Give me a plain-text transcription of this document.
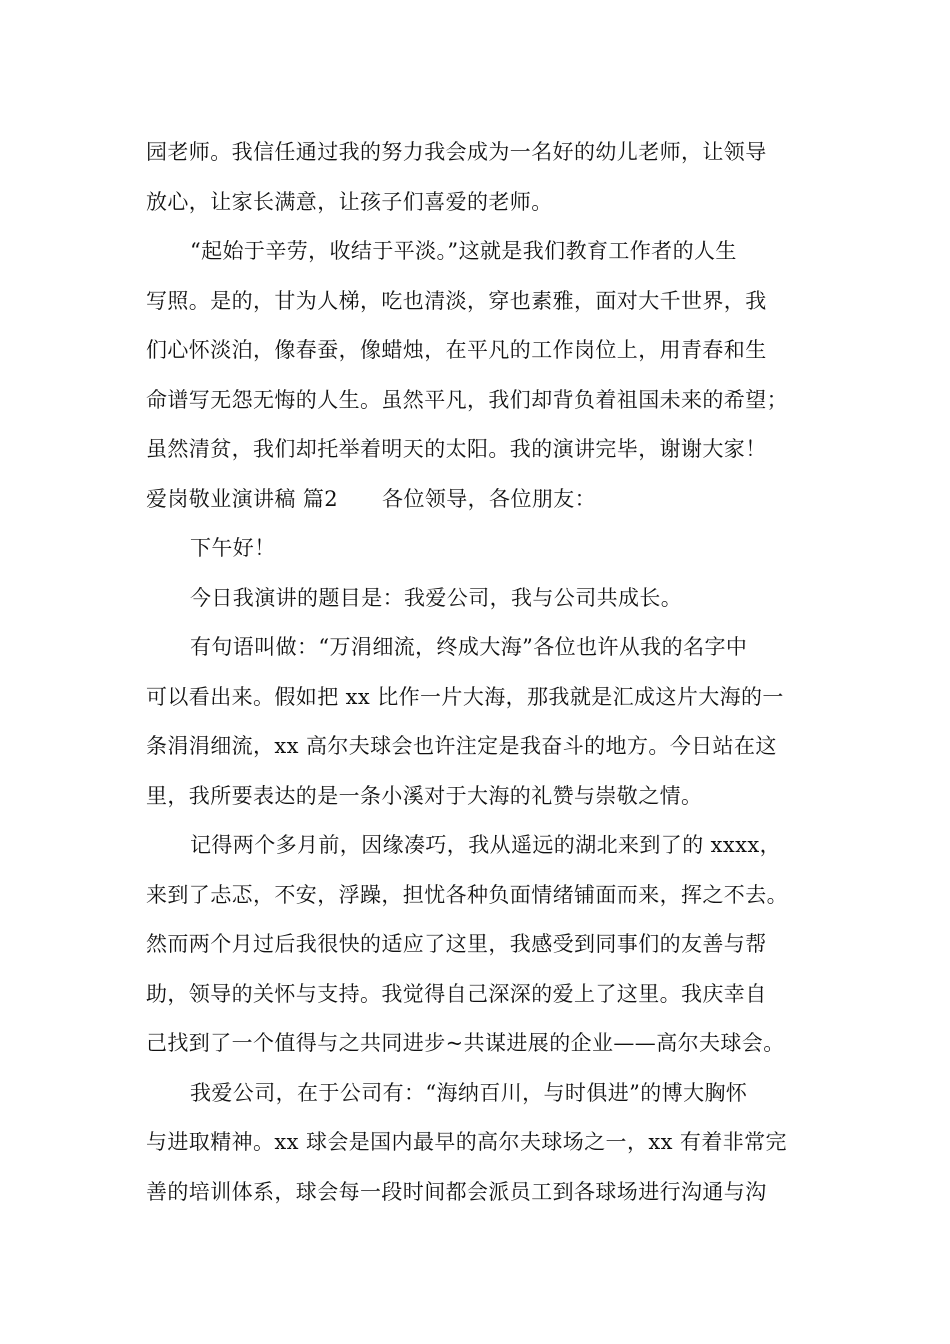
园老师。我信任通过我的努力我会成为一名好的幼儿老师，让领导
放心，让家长满意，让孩子们喜爱的老师。
“起始于辛劳，收结于平淡。”这就是我们教育工作者的人生
写照。是的，甘为人梯，吃也清淡，穿也素雅，面对大千世界，我
们心怀淡泊，像春蚕，像蜡烛，在平凡的工作岗位上，用青春和生
命谱写无怨无悔的人生。虽然平凡，我们却背负着祖国未来的希望；
虽然清贫，我们却托举着明天的太阳。我的演讲完毕，谢谢大家！
爱岗敬业演讲稿 篇2 各位领导，各位朋友：
下午好！
今日我演讲的题目是：我爱公司，我与公司共成长。
有句语叫做：“万涓细流，终成大海”各位也许从我的名字中
可以看出来。假如把 xx 比作一片大海，那我就是汇成这片大海的一
条涓涓细流，xx 高尔夫球会也许注定是我奋斗的地方。今日站在这
里，我所要表达的是一条小溪对于大海的礼赞与崇敬之情。
记得两个多月前，因缘凑巧，我从遥远的湖北来到了的 xxxx，
来到了忐忑，不安，浮躁，担忧各种负面情绪铺面而来，挥之不去。
然而两个月过后我很快的适应了这里，我感受到同事们的友善与帮
助，领导的关怀与支持。我觉得自己深深的爱上了这里。我庆幸自
己找到了一个值得与之共同进步~共谋进展的企业——高尔夫球会。
我爱公司，在于公司有：“海纳百川，与时俱进”的博大胸怀
与进取精神。xx 球会是国内最早的高尔夫球场之一，xx 有着非常完
善的培训体系，球会每一段时间都会派员工到各球场进行沟通与沟
